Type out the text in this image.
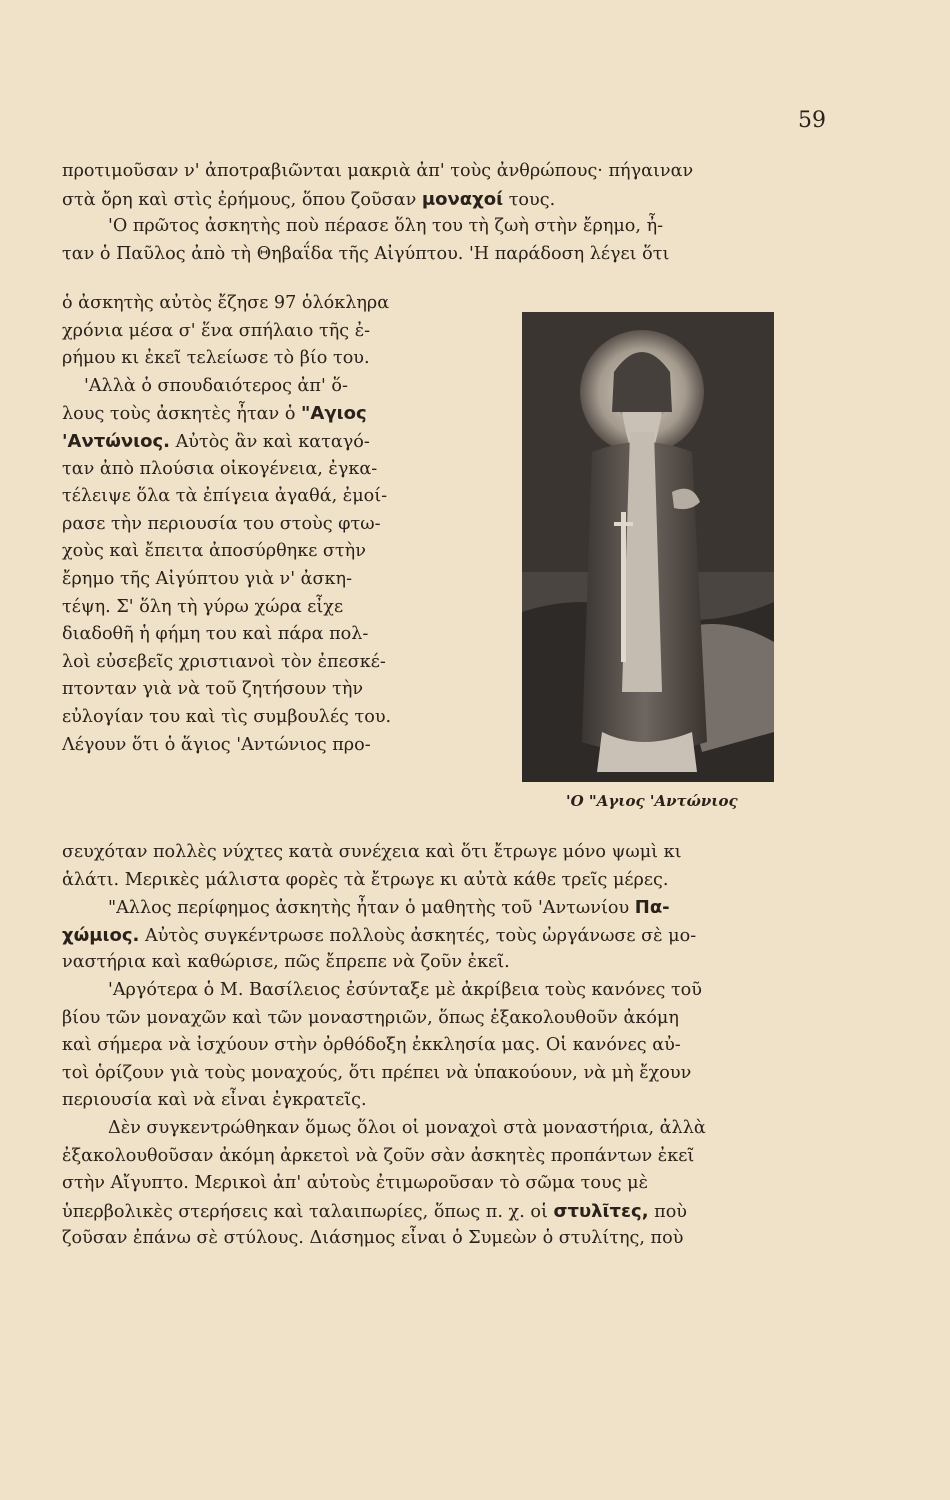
59
προτιμοῦσαν ν' ἀποτραβιῶνται μακριὰ ἀπ' τοὺς ἀνθρώπους· πήγαιναν
στὰ ὄρη καὶ στὶς ἐρήμους, ὅπου ζοῦσαν μοναχοί τους.
'Ο πρῶτος ἀσκητὴς ποὺ πέρασε ὅλη του τὴ ζωὴ στὴν ἔρημο, ἦ-
ταν ὁ Παῦλος ἀπὸ τὴ Θηβαΐδα τῆς Αἰγύπτου. 'Η παράδοση λέγει ὅτι
ὁ ἀσκητὴς αὐτὸς ἔζησε 97 ὁλόκληρα
χρόνια μέσα σ' ἕνα σπήλαιο τῆς ἐ-
ρήμου κι ἐκεῖ τελείωσε τὸ βίο του.
'Αλλὰ ὁ σπουδαιότερος ἀπ' ὅ-
λους τοὺς ἀσκητὲς ἦταν ὁ "Αγιος
'Αντώνιος. Αὐτὸς ἂν καὶ καταγό-
ταν ἀπὸ πλούσια οἰκογένεια, ἐγκα-
τέλειψε ὅλα τὰ ἐπίγεια ἀγαθά, ἐμοί-
ρασε τὴν περιουσία του στοὺς φτω-
χοὺς καὶ ἔπειτα ἀποσύρθηκε στὴν
ἔρημο τῆς Αἰγύπτου γιὰ ν' ἀσκη-
τέψη. Σ' ὅλη τὴ γύρω χώρα εἶχε
διαδοθῆ ἡ φήμη του καὶ πάρα πολ-
λοὶ εὐσεβεῖς χριστιανοὶ τὸν ἐπεσκέ-
πτονταν γιὰ νὰ τοῦ ζητήσουν τὴν
εὐλογίαν του καὶ τὶς συμβουλές του.
Λέγουν ὅτι ὁ ἅγιος 'Αντώνιος προ-
'Ο "Αγιος 'Αντώνιος
σευχόταν πολλὲς νύχτες κατὰ συνέχεια καὶ ὅτι ἔτρωγε μόνο ψωμὶ κι
ἁλάτι. Μερικὲς μάλιστα φορὲς τὰ ἔτρωγε κι αὐτὰ κάθε τρεῖς μέρες.
"Αλλος περίφημος ἀσκητὴς ἦταν ὁ μαθητὴς τοῦ 'Αντωνίου Πα-
χώμιος. Αὐτὸς συγκέντρωσε πολλοὺς ἀσκητές, τοὺς ὠργάνωσε σὲ μο-
ναστήρια καὶ καθώρισε, πῶς ἔπρεπε νὰ ζοῦν ἐκεῖ.
'Αργότερα ὁ Μ. Βασίλειος ἐσύνταξε μὲ ἀκρίβεια τοὺς κανόνες τοῦ
βίου τῶν μοναχῶν καὶ τῶν μοναστηριῶν, ὅπως ἐξακολουθοῦν ἀκόμη
καὶ σήμερα νὰ ἰσχύουν στὴν ὀρθόδοξη ἐκκλησία μας. Οἱ κανόνες αὐ-
τοὶ ὁρίζουν γιὰ τοὺς μοναχούς, ὅτι πρέπει νὰ ὑπακούουν, νὰ μὴ ἔχουν
περιουσία καὶ νὰ εἶναι ἐγκρατεῖς.
Δὲν συγκεντρώθηκαν ὅμως ὅλοι οἱ μοναχοὶ στὰ μοναστήρια, ἀλλὰ
ἐξακολουθοῦσαν ἀκόμη ἀρκετοὶ νὰ ζοῦν σὰν ἀσκητὲς προπάντων ἐκεῖ
στὴν Αἴγυπτο. Μερικοὶ ἀπ' αὐτοὺς ἐτιμωροῦσαν τὸ σῶμα τους μὲ
ὑπερβολικὲς στερήσεις καὶ ταλαιπωρίες, ὅπως π. χ. οἱ στυλῖτες, ποὺ
ζοῦσαν ἐπάνω σὲ στύλους. Διάσημος εἶναι ὁ Συμεὼν ὁ στυλίτης, ποὺ
